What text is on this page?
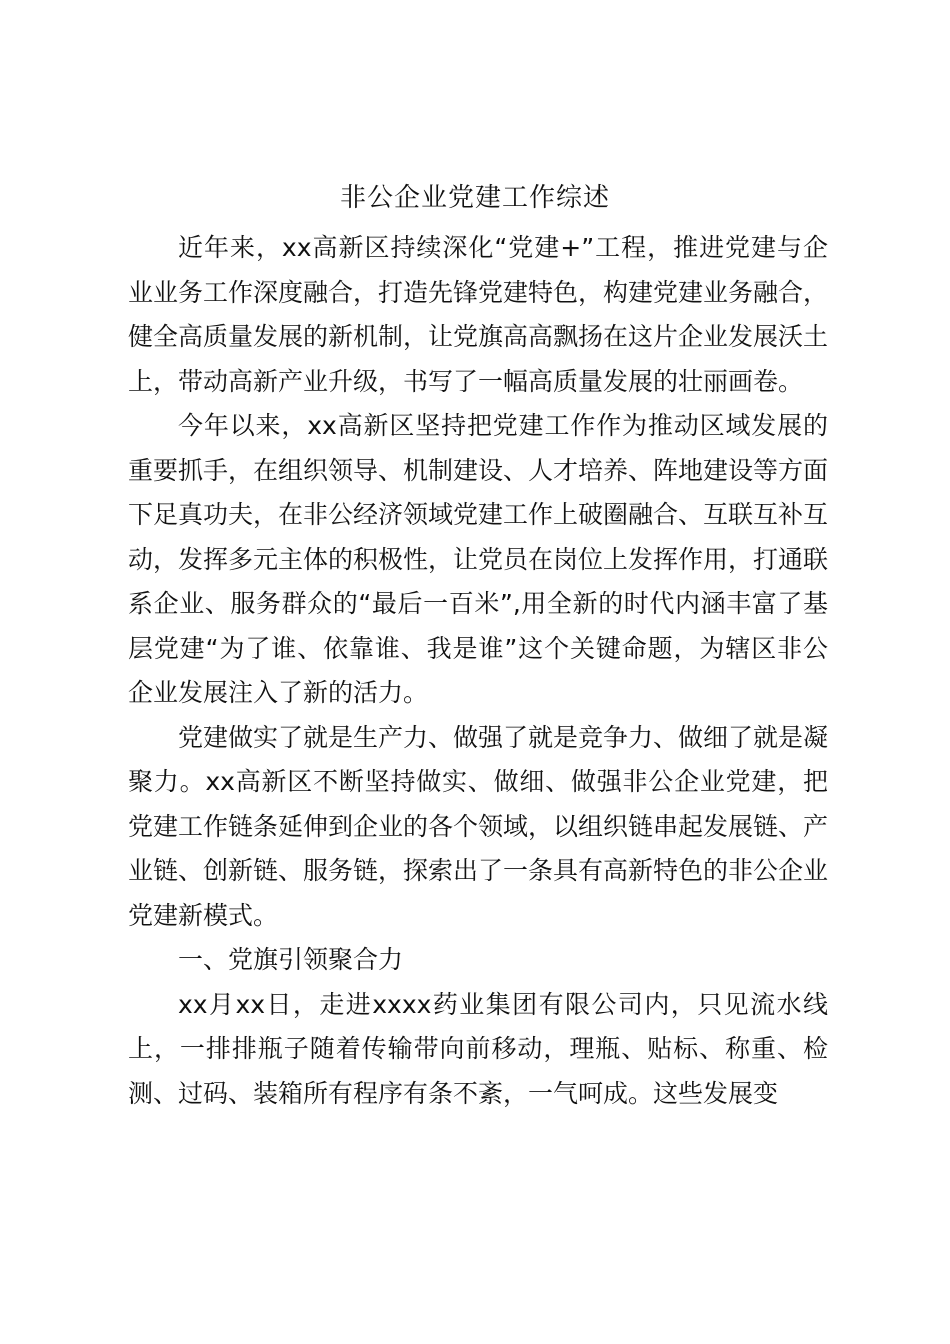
非公企业党建工作综述

近年来，xx高新区持续深化“党建+”工程，推进党建与企业业务工作深度融合，打造先锋党建特色，构建党建业务融合，健全高质量发展的新机制，让党旗高高飘扬在这片企业发展沃土上，带动高新产业升级，书写了一幅高质量发展的壮丽画卷。

今年以来，xx高新区坚持把党建工作作为推动区域发展的重要抓手，在组织领导、机制建设、人才培养、阵地建设等方面下足真功夫，在非公经济领域党建工作上破圈融合、互联互补互动，发挥多元主体的积极性，让党员在岗位上发挥作用，打通联系企业、服务群众的“最后一百米”,用全新的时代内涵丰富了基层党建“为了谁、依靠谁、我是谁”这个关键命题，为辖区非公企业发展注入了新的活力。

党建做实了就是生产力、做强了就是竞争力、做细了就是凝聚力。xx高新区不断坚持做实、做细、做强非公企业党建，把党建工作链条延伸到企业的各个领域，以组织链串起发展链、产业链、创新链、服务链，探索出了一条具有高新特色的非公企业党建新模式。

一、党旗引领聚合力

xx月xx日，走进xxxx药业集团有限公司内，只见流水线上，一排排瓶子随着传输带向前移动，理瓶、贴标、称重、检测、过码、装箱所有程序有条不紊，一气呵成。这些发展变
